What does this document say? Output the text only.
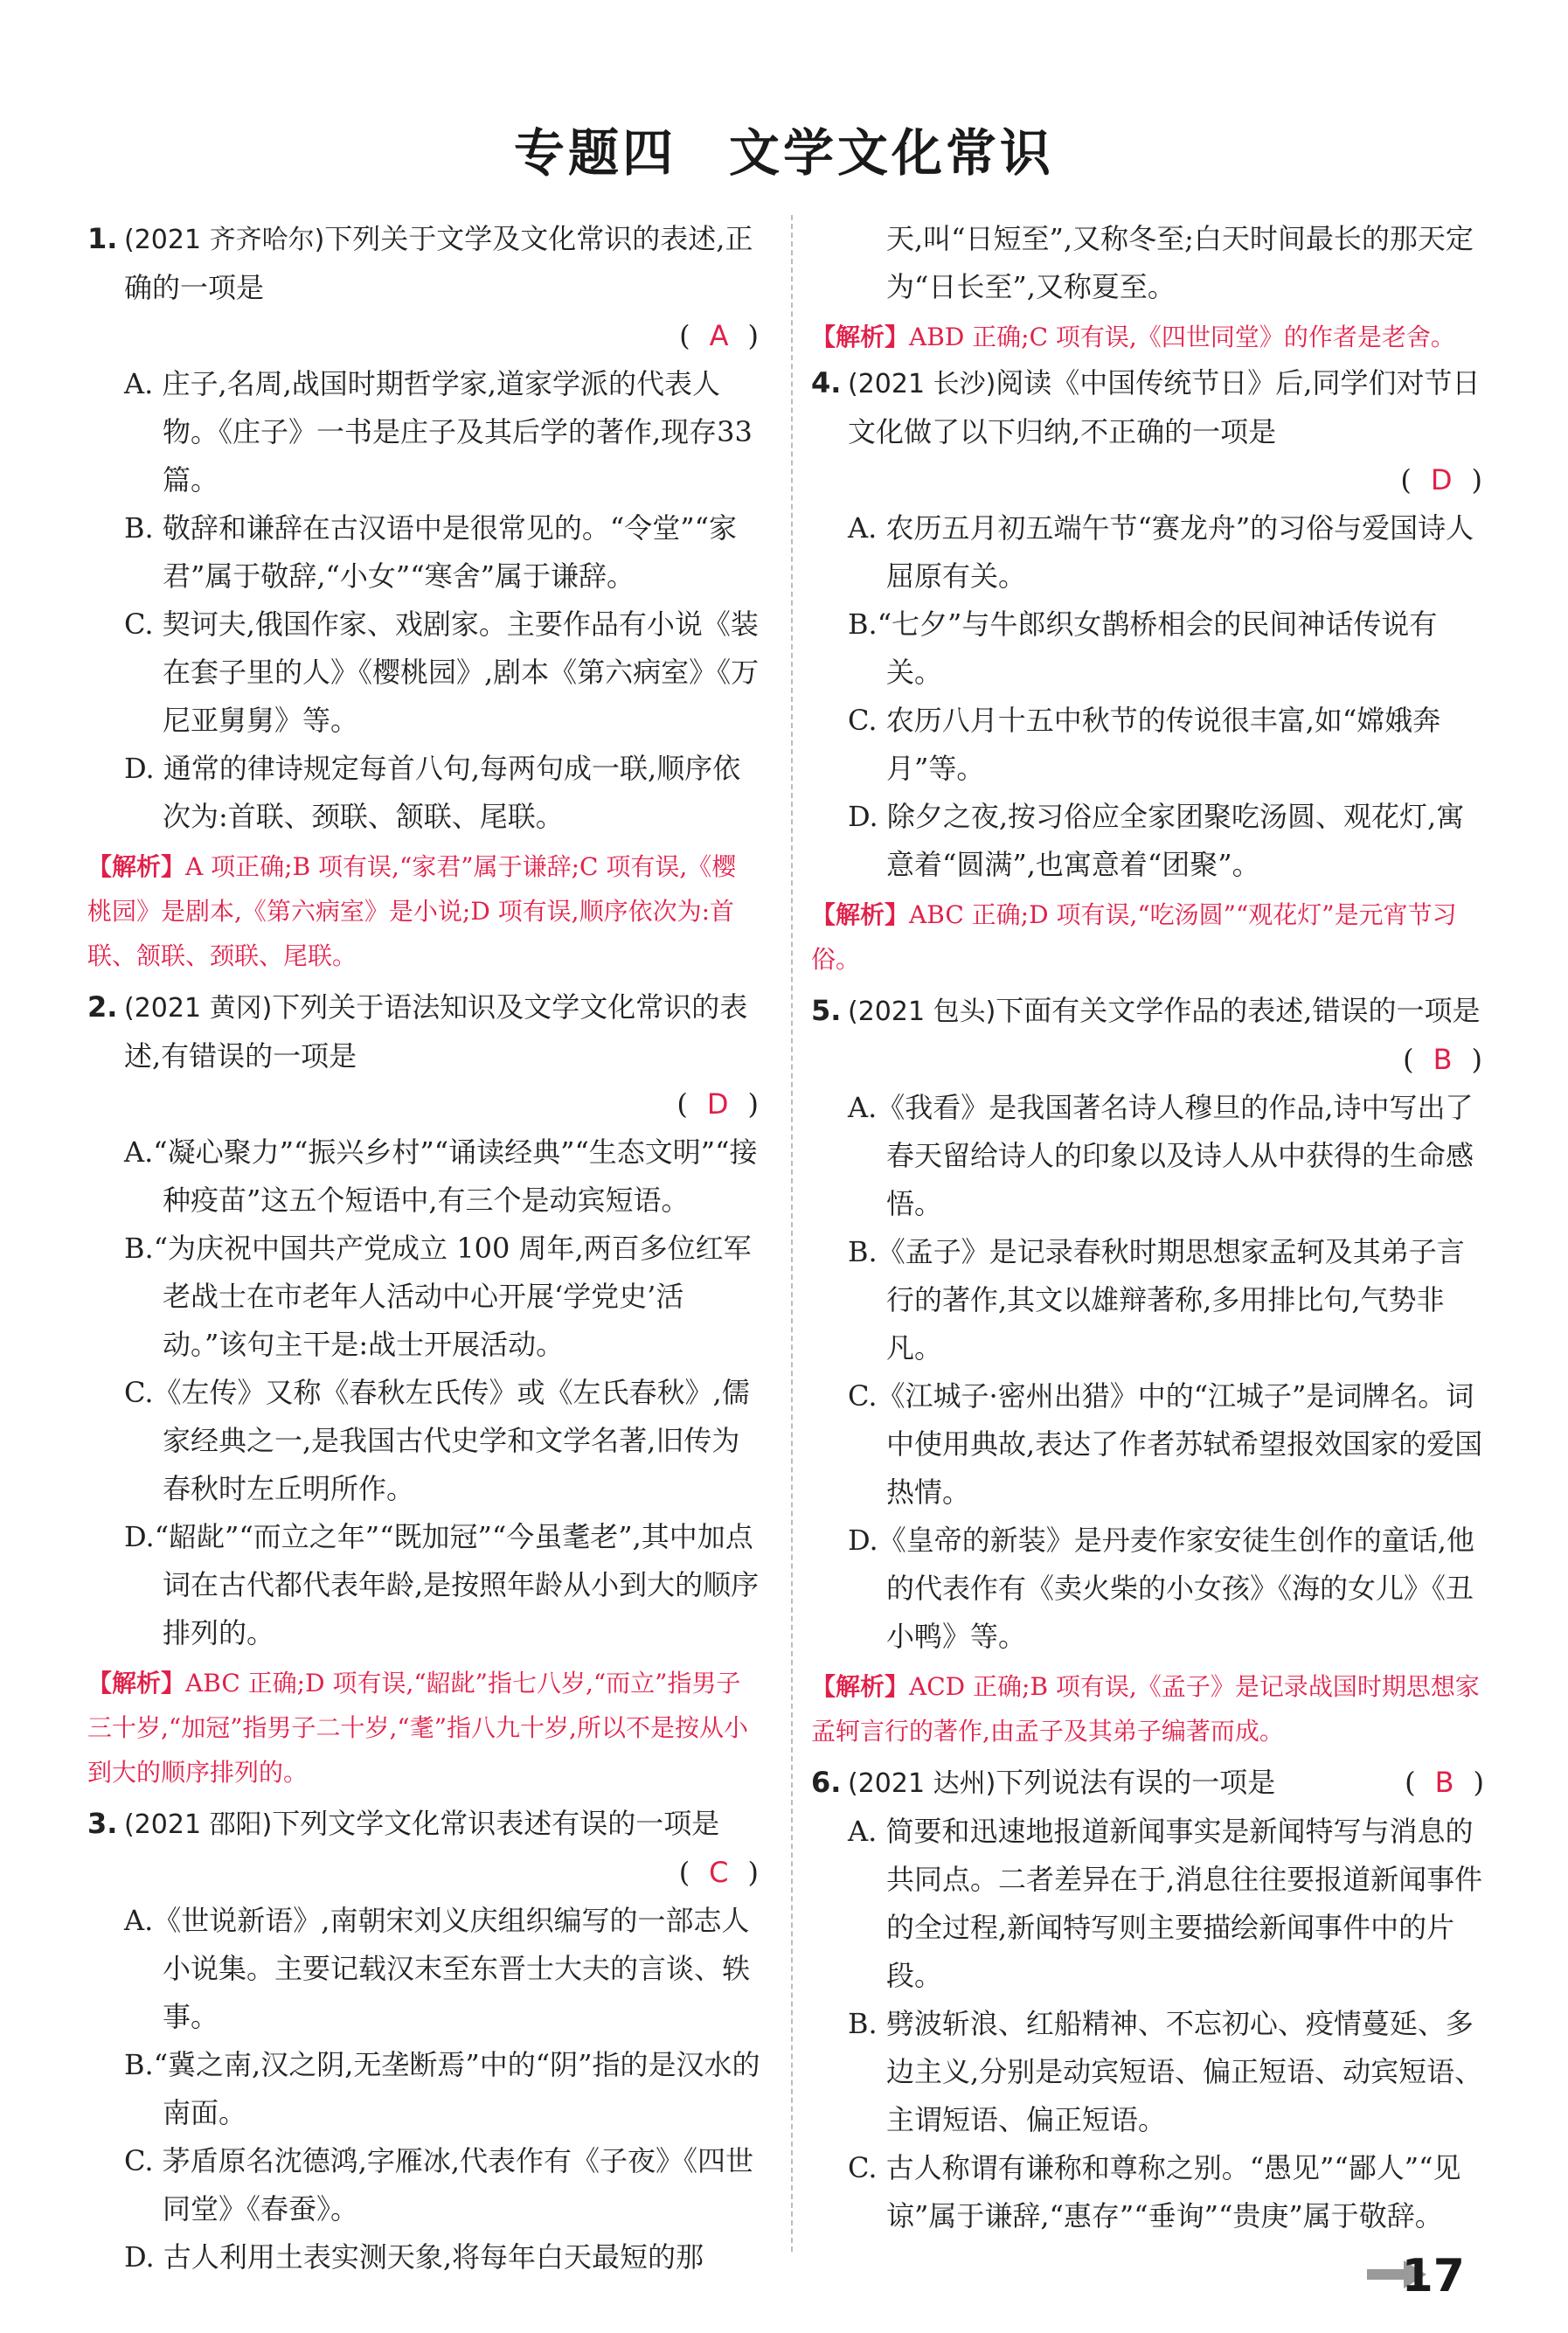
专题四 文学文化常识
1. (2021 齐齐哈尔)下列关于文学及文化常识的表述,正确的一项是
( A )
A. 庄子,名周,战国时期哲学家,道家学派的代表人物。《庄子》一书是庄子及其后学的著作,现存33篇。
B. 敬辞和谦辞在古汉语中是很常见的。“令堂”“家君”属于敬辞,“小女”“寒舍”属于谦辞。
C. 契诃夫,俄国作家、戏剧家。主要作品有小说《装在套子里的人》《樱桃园》,剧本《第六病室》《万尼亚舅舅》等。
D. 通常的律诗规定每首八句,每两句成一联,顺序依次为:首联、颈联、颔联、尾联。
【解析】A 项正确;B 项有误,“家君”属于谦辞;C 项有误,《樱桃园》是剧本,《第六病室》是小说;D 项有误,顺序依次为:首联、颔联、颈联、尾联。
2. (2021 黄冈)下列关于语法知识及文学文化常识的表述,有错误的一项是
( D )
A.“凝心聚力”“振兴乡村”“诵读经典”“生态文明”“接种疫苗”这五个短语中,有三个是动宾短语。
B.“为庆祝中国共产党成立 100 周年,两百多位红军老战士在市老年人活动中心开展‘学党史’活动。”该句主干是:战士开展活动。
C.《左传》又称《春秋左氏传》或《左氏春秋》,儒家经典之一,是我国古代史学和文学名著,旧传为春秋时左丘明所作。
D.“龆龀”“而立之年”“既加冠”“今虽耄老”,其中加点词在古代都代表年龄,是按照年龄从小到大的顺序排列的。
【解析】ABC 正确;D 项有误,“龆龀”指七八岁,“而立”指男子三十岁,“加冠”指男子二十岁,“耄”指八九十岁,所以不是按从小到大的顺序排列的。
3. (2021 邵阳)下列文学文化常识表述有误的一项是
( C )
A.《世说新语》,南朝宋刘义庆组织编写的一部志人小说集。主要记载汉末至东晋士大夫的言谈、轶事。
B.“冀之南,汉之阴,无垄断焉”中的“阴”指的是汉水的南面。
C. 茅盾原名沈德鸿,字雁冰,代表作有《子夜》《四世同堂》《春蚕》。
D. 古人利用土表实测天象,将每年白天最短的那
天,叫“日短至”,又称冬至;白天时间最长的那天定为“日长至”,又称夏至。
【解析】ABD 正确;C 项有误,《四世同堂》的作者是老舍。
4. (2021 长沙)阅读《中国传统节日》后,同学们对节日文化做了以下归纳,不正确的一项是
( D )
A. 农历五月初五端午节“赛龙舟”的习俗与爱国诗人屈原有关。
B.“七夕”与牛郎织女鹊桥相会的民间神话传说有关。
C. 农历八月十五中秋节的传说很丰富,如“嫦娥奔月”等。
D. 除夕之夜,按习俗应全家团聚吃汤圆、观花灯,寓意着“圆满”,也寓意着“团聚”。
【解析】ABC 正确;D 项有误,“吃汤圆”“观花灯”是元宵节习俗。
5. (2021 包头)下面有关文学作品的表述,错误的一项是
( B )
A.《我看》是我国著名诗人穆旦的作品,诗中写出了春天留给诗人的印象以及诗人从中获得的生命感悟。
B.《孟子》是记录春秋时期思想家孟轲及其弟子言行的著作,其文以雄辩著称,多用排比句,气势非凡。
C.《江城子·密州出猎》中的“江城子”是词牌名。词中使用典故,表达了作者苏轼希望报效国家的爱国热情。
D.《皇帝的新装》是丹麦作家安徒生创作的童话,他的代表作有《卖火柴的小女孩》《海的女儿》《丑小鸭》等。
【解析】ACD 正确;B 项有误,《孟子》是记录战国时期思想家孟轲言行的著作,由孟子及其弟子编著而成。
6. (2021 达州)下列说法有误的一项是	( B )
A. 简要和迅速地报道新闻事实是新闻特写与消息的共同点。二者差异在于,消息往往要报道新闻事件的全过程,新闻特写则主要描绘新闻事件中的片段。
B. 劈波斩浪、红船精神、不忘初心、疫情蔓延、多边主义,分别是动宾短语、偏正短语、动宾短语、主谓短语、偏正短语。
C. 古人称谓有谦称和尊称之别。“愚见”“鄙人”“见谅”属于谦辞,“惠存”“垂询”“贵庚”属于敬辞。
17
